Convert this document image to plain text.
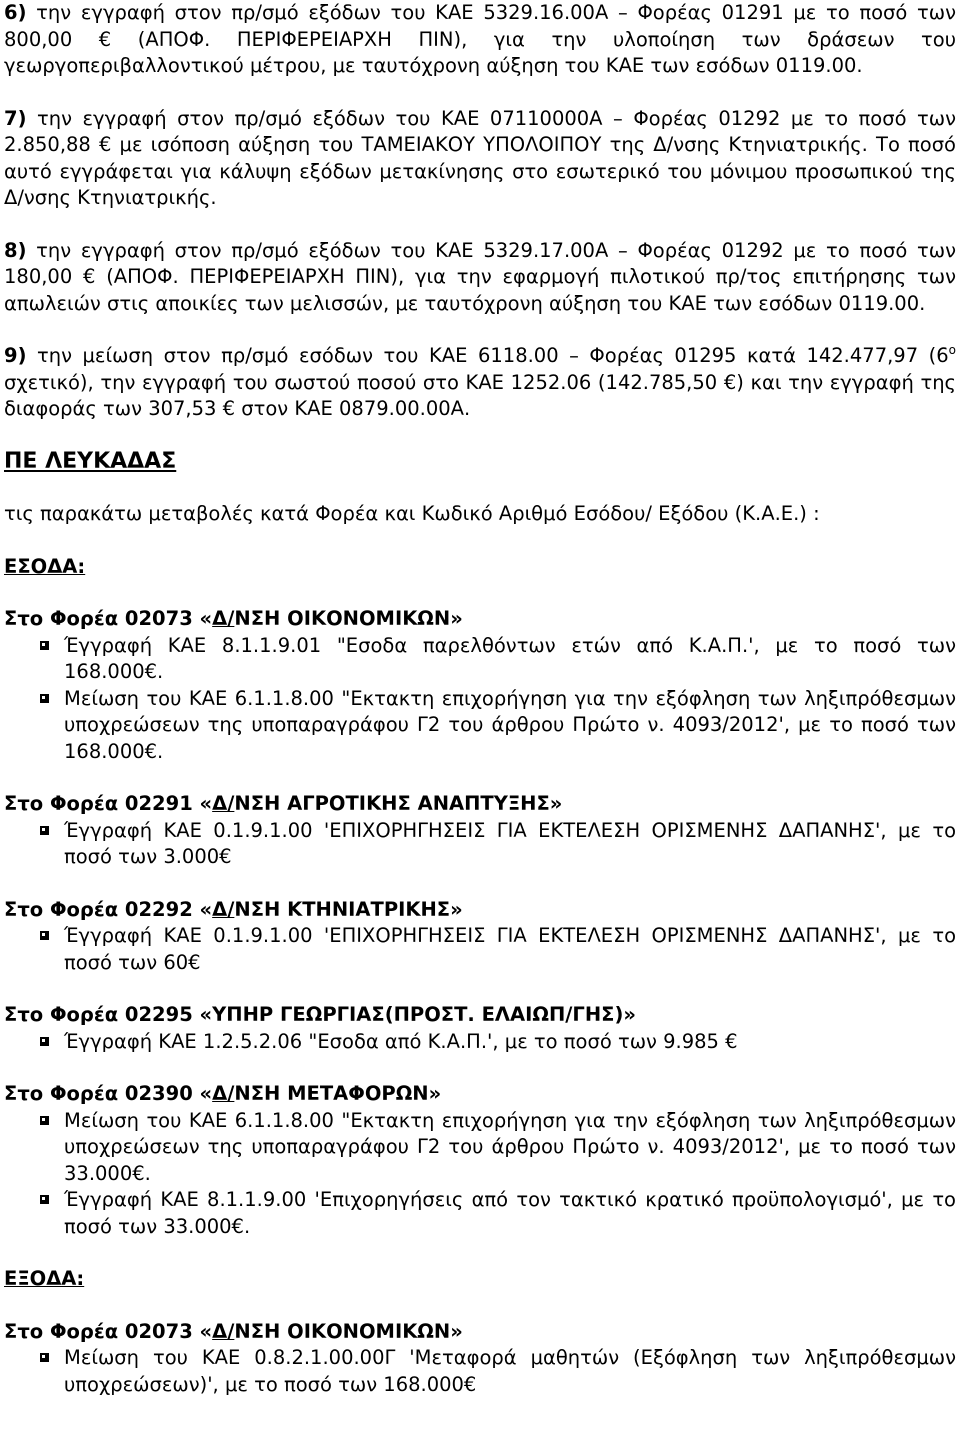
6) την εγγραφή στον πρ/σμό εξόδων του ΚΑΕ 5329.16.00Α – Φορέας 01291 με το ποσό των 800,00 € (ΑΠΟΦ. ΠΕΡΙΦΕΡΕΙΑΡΧΗ ΠΙΝ), για την υλοποίηση των δράσεων του γεωργοπεριβαλλοντικού μέτρου, με ταυτόχρονη αύξηση του ΚΑΕ των εσόδων 0119.00.

7) την εγγραφή στον πρ/σμό εξόδων του ΚΑΕ 07110000Α – Φορέας 01292 με το ποσό των 2.850,88 € με ισόποση αύξηση του ΤΑΜΕΙΑΚΟΥ ΥΠΟΛΟΙΠΟΥ της Δ/νσης Κτηνιατρικής. Το ποσό αυτό εγγράφεται για κάλυψη εξόδων μετακίνησης στο εσωτερικό του μόνιμου προσωπικού της Δ/νσης Κτηνιατρικής.

8) την εγγραφή στον πρ/σμό εξόδων του ΚΑΕ 5329.17.00Α – Φορέας 01292 με το ποσό των 180,00 € (ΑΠΟΦ. ΠΕΡΙΦΕΡΕΙΑΡΧΗ ΠΙΝ), για την εφαρμογή πιλοτικού πρ/τος επιτήρησης των απωλειών στις αποικίες των μελισσών, με ταυτόχρονη αύξηση του ΚΑΕ των εσόδων 0119.00.

9) την μείωση στον πρ/σμό εσόδων του ΚΑΕ 6118.00 – Φορέας 01295 κατά 142.477,97 ($6^o$ σχετικό), την εγγραφή του σωστού ποσού στο ΚΑΕ 1252.06 (142.785,50 €) και την εγγραφή της διαφοράς των 307,53 € στον ΚΑΕ 0879.00.00Α.

ΠΕ ΛΕΥΚΑΔΑΣ

τις παρακάτω μεταβολές κατά Φορέα και Κωδικό Αριθμό Εσόδου/ Εξόδου (Κ.Α.Ε.) :

ΕΣΟΔΑ:

Στο Φορέα 02073 «Δ/ΝΣΗ ΟΙΚΟΝΟΜΙΚΩΝ»

Έγγραφή ΚΑΕ 8.1.1.9.01 "Εσοδα παρελθόντων ετών από Κ.Α.Π.', με το ποσό των 168.000€.
Μείωση του ΚΑΕ 6.1.1.8.00 "Εκτακτη επιχορήγηση για την εξόφληση των ληξιπρόθεσμων υποχρεώσεων της υποπαραγράφου Γ2 του άρθρου Πρώτο ν. 4093/2012', με το ποσό των 168.000€.

Στο Φορέα 02291 «Δ/ΝΣΗ ΑΓΡΟΤΙΚΗΣ ΑΝΑΠΤΥΞΗΣ»

Έγγραφή ΚΑΕ 0.1.9.1.00 'ΕΠΙΧΟΡΗΓΗΣΕΙΣ ΓΙΑ ΕΚΤΕΛΕΣΗ ΟΡΙΣΜΕΝΗΣ ΔΑΠΑΝΗΣ', με το ποσό των 3.000€

Στο Φορέα 02292 «Δ/ΝΣΗ ΚΤΗΝΙΑΤΡΙΚΗΣ»

Έγγραφή ΚΑΕ 0.1.9.1.00 'ΕΠΙΧΟΡΗΓΗΣΕΙΣ ΓΙΑ ΕΚΤΕΛΕΣΗ ΟΡΙΣΜΕΝΗΣ ΔΑΠΑΝΗΣ', με το ποσό των 60€

Στο Φορέα 02295 «ΥΠΗΡ ΓΕΩΡΓΙΑΣ(ΠΡΟΣΤ. ΕΛΑΙΩΠ/ΓΗΣ)»

Έγγραφή ΚΑΕ 1.2.5.2.06 "Εσοδα από Κ.Α.Π.', με το ποσό των 9.985 €

Στο Φορέα 02390 «Δ/ΝΣΗ ΜΕΤΑΦΟΡΩΝ»

Μείωση του ΚΑΕ 6.1.1.8.00 "Εκτακτη επιχορήγηση για την εξόφληση των ληξιπρόθεσμων υποχρεώσεων της υποπαραγράφου Γ2 του άρθρου Πρώτο ν. 4093/2012', με το ποσό των 33.000€.
Έγγραφή ΚΑΕ 8.1.1.9.00 'Επιχορηγήσεις από τον τακτικό κρατικό προϋπολογισμό', με το ποσό των 33.000€.
ΕΞΟΔΑ:

Στο Φορέα 02073 «Δ/ΝΣΗ ΟΙΚΟΝΟΜΙΚΩΝ»

Μείωση του ΚΑΕ 0.8.2.1.00.00Γ 'Μεταφορά μαθητών (Εξόφληση των ληξιπρόθεσμων υποχρεώσεων)', με το ποσό των 168.000€
